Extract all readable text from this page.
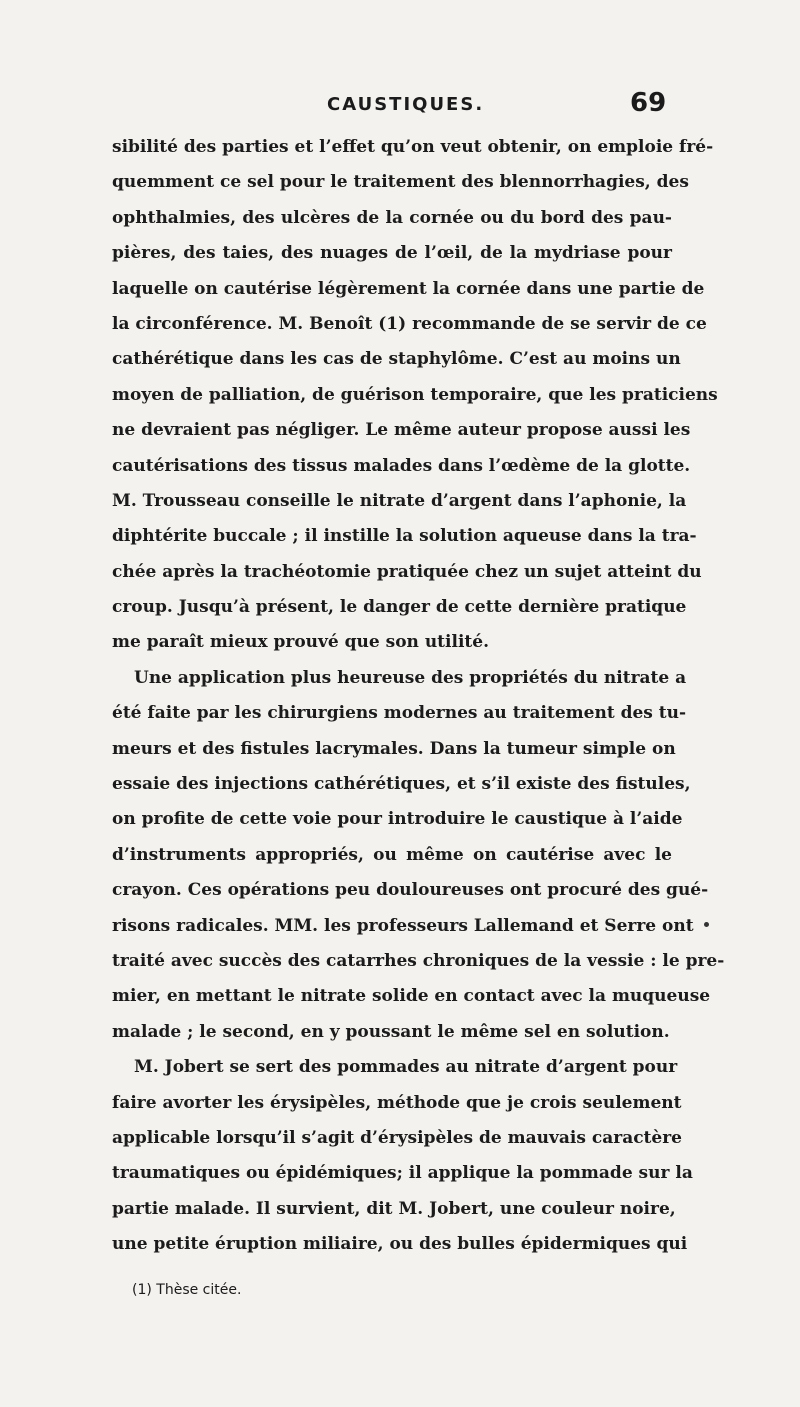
CAUSTIQUES.	69
sibilité des parties et l’effet qu’on veut obtenir, on emploie fré-
quemment ce sel pour le traitement des blennorrhagies, des
ophthalmies, des ulcères de la cornée ou du bord des pau-
pières, des taies, des nuages de l’œil, de la mydriase pour
laquelle on cautérise légèrement la cornée dans une partie de
la circonférence. M. Benoît (1) recommande de se servir de ce
cathérétique dans les cas de staphylôme. C’est au moins un
moyen de palliation, de guérison temporaire, que les praticiens
ne devraient pas négliger. Le même auteur propose aussi les
cautérisations des tissus malades dans l’œdème de la glotte.
M. Trousseau conseille le nitrate d’argent dans l’aphonie, la
diphtérite buccale ; il instille la solution aqueuse dans la tra-
chée après la trachéotomie pratiquée chez un sujet atteint du
croup. Jusqu’à présent, le danger de cette dernière pratique
me paraît mieux prouvé que son utilité.
Une application plus heureuse des propriétés du nitrate a
été faite par les chirurgiens modernes au traitement des tu-
meurs et des fistules lacrymales. Dans la tumeur simple on
essaie des injections cathérétiques, et s’il existe des fistules,
on profite de cette voie pour introduire le caustique à l’aide
d’instruments appropriés, ou même on cautérise avec le
crayon. Ces opérations peu douloureuses ont procuré des gué-
risons radicales. MM. les professeurs Lallemand et Serre ont
traité avec succès des catarrhes chroniques de la vessie : le pre-
mier, en mettant le nitrate solide en contact avec la muqueuse
malade ; le second, en y poussant le même sel en solution.
M. Jobert se sert des pommades au nitrate d’argent pour
faire avorter les érysipèles, méthode que je crois seulement
applicable lorsqu’il s’agit d’érysipèles de mauvais caractère
traumatiques ou épidémiques; il applique la pommade sur la
partie malade. Il survient, dit M. Jobert, une couleur noire,
une petite éruption miliaire, ou des bulles épidermiques qui
(1) Thèse citée.
